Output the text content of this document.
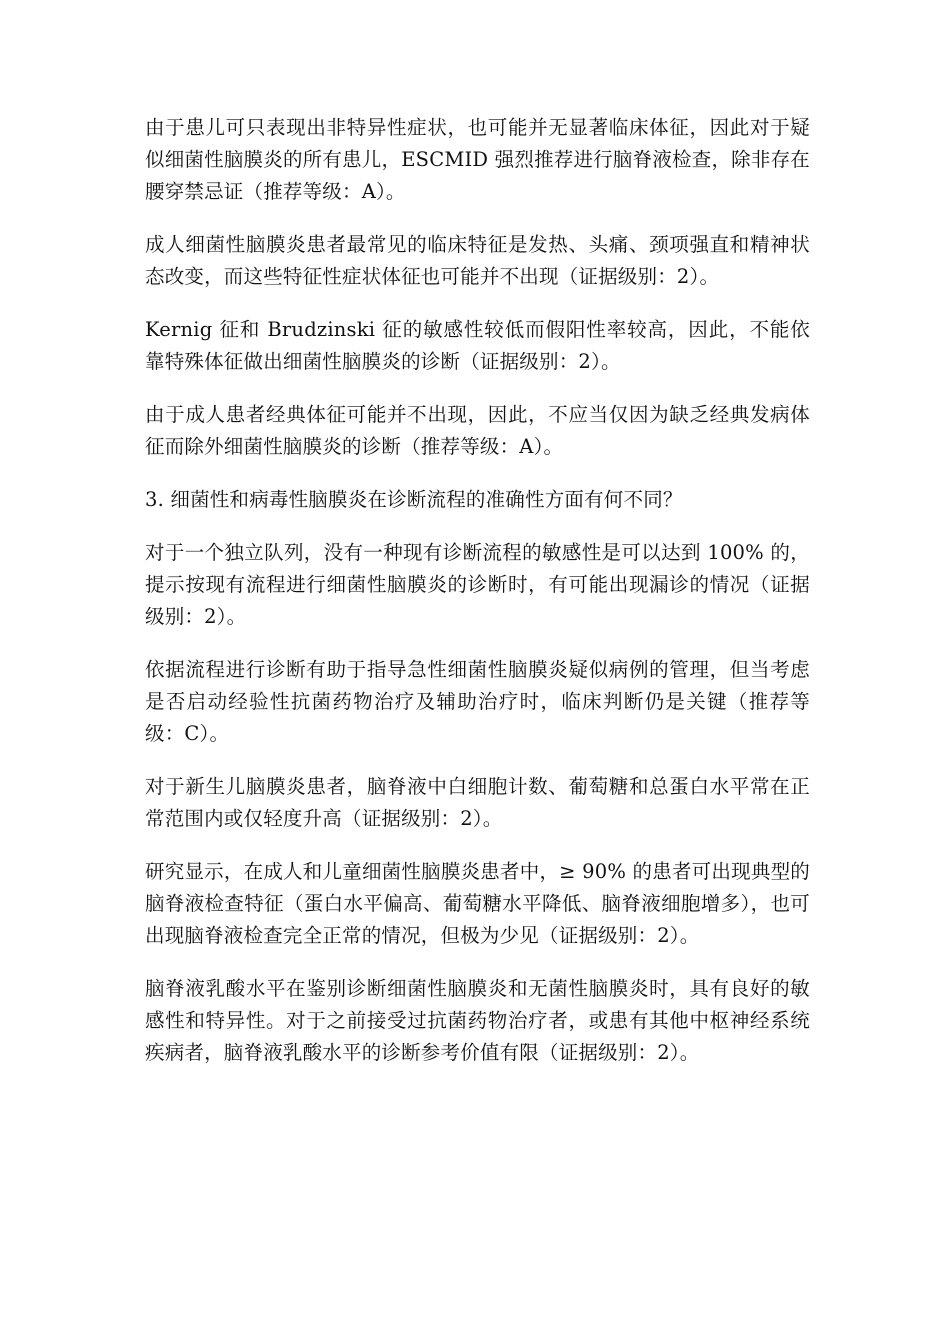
由于患儿可只表现出非特异性症状，也可能并无显著临床体征，因此对于疑似细菌性脑膜炎的所有患儿，ESCMID 强烈推荐进行脑脊液检查，除非存在腰穿禁忌证（推荐等级：A）。

成人细菌性脑膜炎患者最常见的临床特征是发热、头痛、颈项强直和精神状态改变，而这些特征性症状体征也可能并不出现（证据级别：2）。

Kernig 征和 Brudzinski 征的敏感性较低而假阳性率较高，因此，不能依靠特殊体征做出细菌性脑膜炎的诊断（证据级别：2）。

由于成人患者经典体征可能并不出现，因此，不应当仅因为缺乏经典发病体征而除外细菌性脑膜炎的诊断（推荐等级：A）。

3. 细菌性和病毒性脑膜炎在诊断流程的准确性方面有何不同？

对于一个独立队列，没有一种现有诊断流程的敏感性是可以达到 100% 的，提示按现有流程进行细菌性脑膜炎的诊断时，有可能出现漏诊的情况（证据级别：2）。

依据流程进行诊断有助于指导急性细菌性脑膜炎疑似病例的管理，但当考虑是否启动经验性抗菌药物治疗及辅助治疗时，临床判断仍是关键（推荐等级：C）。

对于新生儿脑膜炎患者，脑脊液中白细胞计数、葡萄糖和总蛋白水平常在正常范围内或仅轻度升高（证据级别：2）。

研究显示，在成人和儿童细菌性脑膜炎患者中，≥ 90% 的患者可出现典型的脑脊液检查特征（蛋白水平偏高、葡萄糖水平降低、脑脊液细胞增多），也可出现脑脊液检查完全正常的情况，但极为少见（证据级别：2）。

脑脊液乳酸水平在鉴别诊断细菌性脑膜炎和无菌性脑膜炎时，具有良好的敏感性和特异性。对于之前接受过抗菌药物治疗者，或患有其他中枢神经系统疾病者，脑脊液乳酸水平的诊断参考价值有限（证据级别：2）。
